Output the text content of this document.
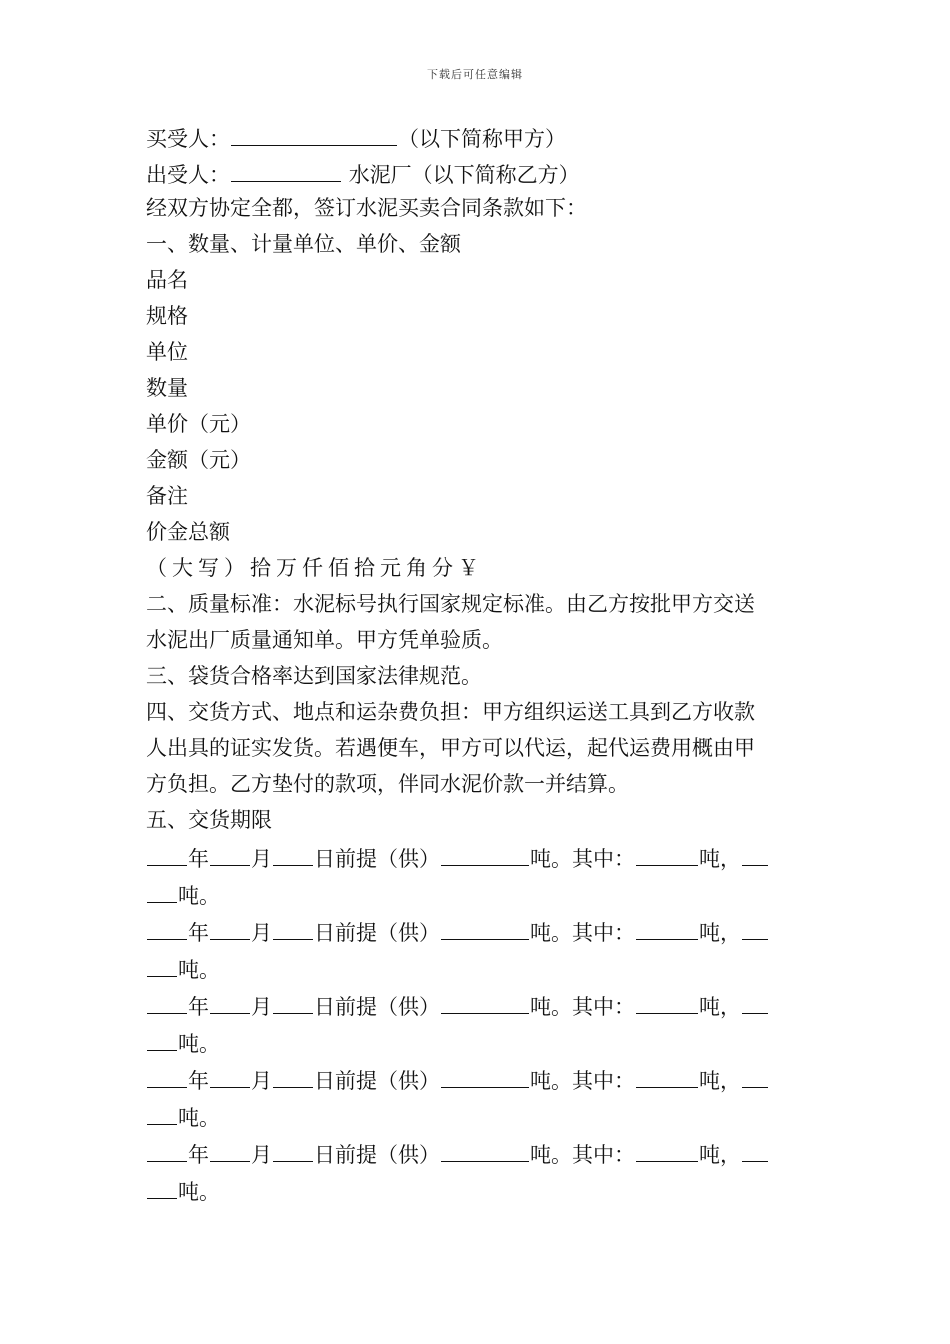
下载后可任意编辑
买受人：	（以下简称甲方）
出受人：	水泥厂（以下简称乙方）
经双方协定全都，签订水泥买卖合同条款如下：
一、数量、计量单位、单价、金额
品名
规格
单位
数量
单价（元）
金额（元）
备注
价金总额
（大写）拾万仟佰拾元角分￥
二、质量标准：水泥标号执行国家规定标准。由乙方按批甲方交送
水泥出厂质量通知单。甲方凭单验质。
三、袋货合格率达到国家法律规范。
四、交货方式、地点和运杂费负担：甲方组织运送工具到乙方收款
人出具的证实发货。若遇便车，甲方可以代运，起代运费用概由甲
方负担。乙方垫付的款项，伴同水泥价款一并结算。
五、交货期限
年 月 日前提（供）	吨。其中：	吨，
吨。
年 月 日前提（供）	吨。其中：	吨，
吨。
年 月 日前提（供）	吨。其中：	吨，
吨。
年 月 日前提（供）	吨。其中：	吨，
吨。
年 月 日前提（供）	吨。其中：	吨，
吨。
